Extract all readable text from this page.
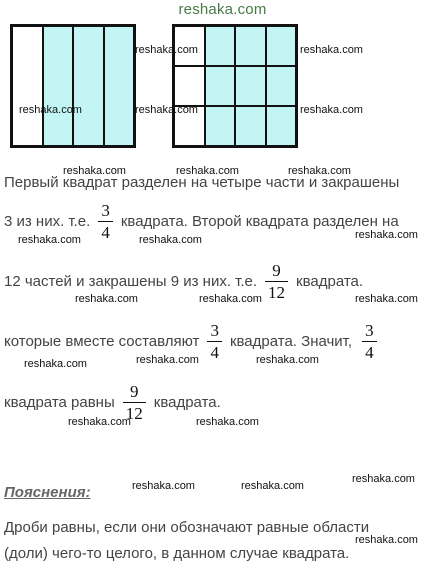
reshaka.com
Первый квадрат разделен на четыре части и закрашены
3 из них. т.е. $\frac{3}{4}$ квадрата. Второй квадрата разделен на
12 частей и закрашены 9 из них. т.е. $\frac{9}{12}$ квадрата.
которые вместе составляют $\frac{3}{4}$ квадрата. Значит, $\frac{3}{4}$
квадрата равны $\frac{9}{12}$ квадрата.
Пояснения:
Дроби равны, если они обозначают равные области
(доли) чего-то целого, в данном случае квадрата.
reshaka.com	reshaka.com
reshaka.com	reshaka.com	reshaka.com
reshaka.com	reshaka.com	reshaka.com
reshaka.com	reshaka.com	reshaka.com
reshaka.com	reshaka.com	reshaka.com
reshaka.com
reshaka.com	reshaka.com
reshaka.com	reshaka.com
reshaka.com	reshaka.com
reshaka.com
reshaka.com
